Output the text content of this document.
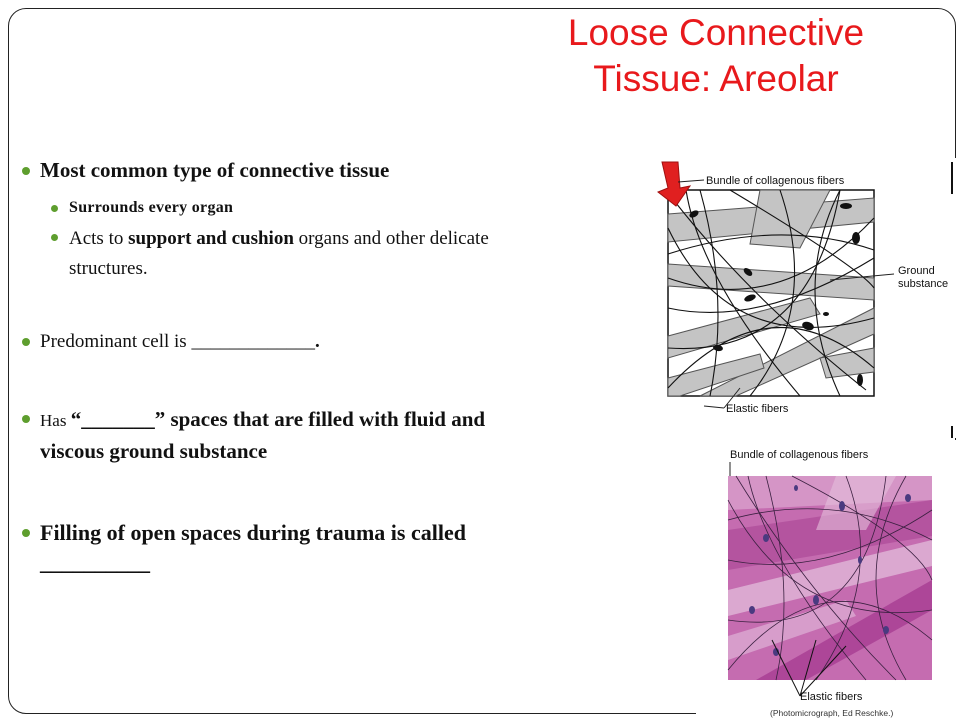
Loose Connective
Tissue: Areolar
Most common type of connective tissue
Surrounds every organ
Acts to support and cushion organs and other delicate structures.
Predominant cell is _____________.
Has “_______” spaces that are filled with fluid and viscous ground substance
Filling of open spaces during trauma is called __________
Bundle of collagenous fibers
Ground
substance
Elastic fibers
Bundle of collagenous fibers
Elastic fibers
(Photomicrograph, Ed Reschke.)
